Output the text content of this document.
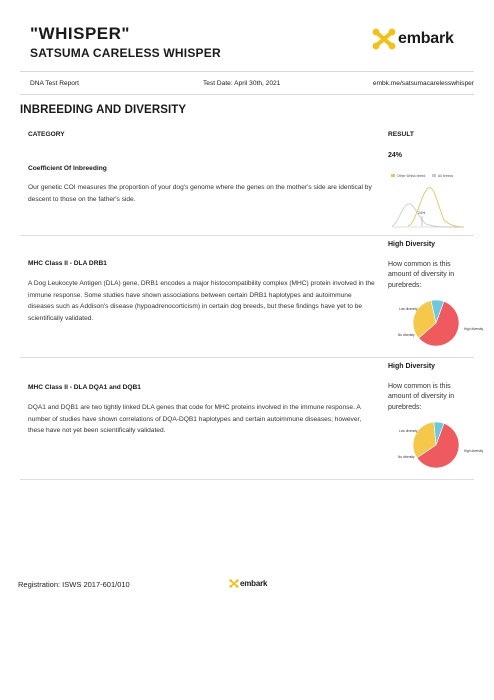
"WHISPER"
SATSUMA CARELESS WHISPER
embark
DNA Test Report	Test Date: April 30th, 2021	embk.me/satsumacarelesswhisper
INBREEDING AND DIVERSITY
CATEGORY	RESULT
Coefficient Of Inbreeding
Our genetic COI measures the proportion of your dog's genome where the genes on the mother's side are identical by descent to those on the father's side.
24%
Other Whisk breed	All breeds
24%
MHC Class II - DLA DRB1
A Dog Leukocyte Antigen (DLA) gene, DRB1 encodes a major histocompatibility complex (MHC) protein involved in the immune response. Some studies have shown associations between certain DRB1 haplotypes and autoimmune diseases such as Addison's disease (hypoadrenocorticism) in certain dog breeds, but these findings have yet to be scientifically validated.
High Diversity
How common is this amount of diversity in purebreds:
High diversity
Low diversity
No diversity
MHC Class II - DLA DQA1 and DQB1
DQA1 and DQB1 are two tightly linked DLA genes that code for MHC proteins involved in the immune response. A number of studies have shown correlations of DQA-DQB1 haplotypes and certain autoimmune diseases; however, these have not yet been scientifically validated.
High Diversity
How common is this amount of diversity in purebreds:
High diversity
Low diversity
No diversity
Registration: ISWS 2017-601/010	embark
